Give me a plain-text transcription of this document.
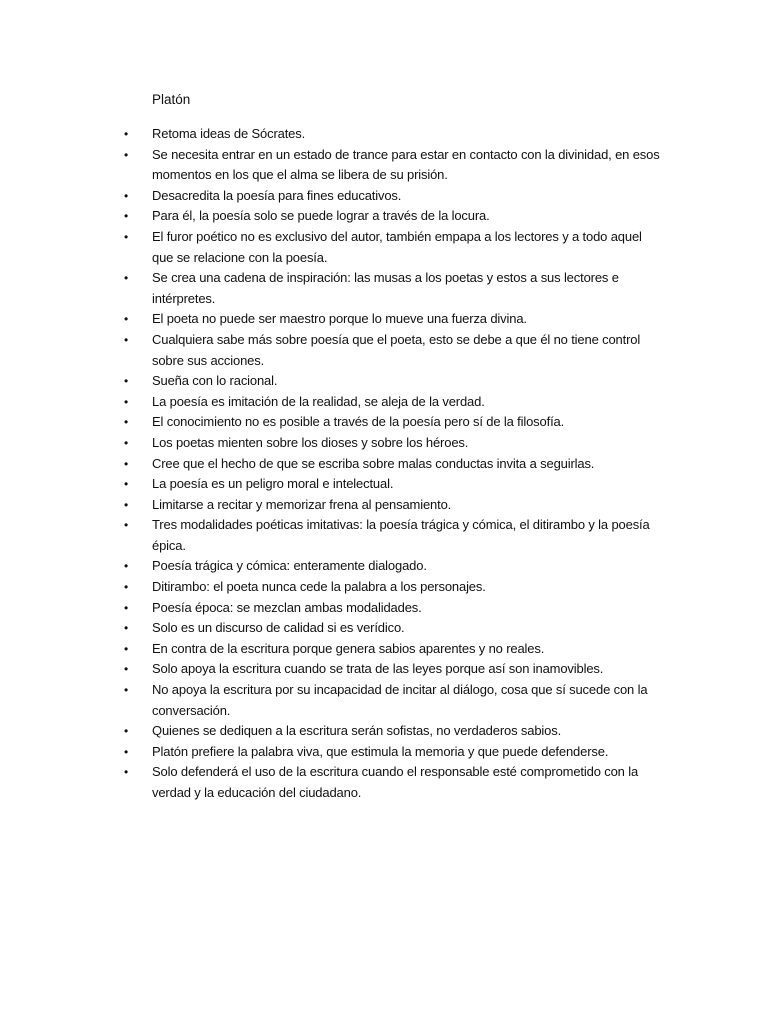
Platón
•	Retoma ideas de Sócrates.
•	Se necesita entrar en un estado de trance para estar en contacto con la divinidad, en esos momentos en los que el alma se libera de su prisión.
•	Desacredita la poesía para fines educativos.
•	Para él, la poesía solo se puede lograr a través de la locura.
•	El furor poético no es exclusivo del autor, también empapa a los lectores y a todo aquel que se relacione con la poesía.
•	Se crea una cadena de inspiración: las musas a los poetas y estos a sus lectores e intérpretes.
•	El poeta no puede ser maestro porque lo mueve una fuerza divina.
•	Cualquiera sabe más sobre poesía que el poeta, esto se debe a que él no tiene control sobre sus acciones.
•	Sueña con lo racional.
•	La poesía es imitación de la realidad, se aleja de la verdad.
•	El conocimiento no es posible a través de la poesía pero sí de la filosofía.
•	Los poetas mienten sobre los dioses y sobre los héroes.
•	Cree que el hecho de que se escriba sobre malas conductas invita a seguirlas.
•	La poesía es un peligro moral e intelectual.
•	Limitarse a recitar y memorizar frena al pensamiento.
•	Tres modalidades poéticas imitativas: la poesía trágica y cómica, el ditirambo y la poesía épica.
•	Poesía trágica y cómica: enteramente dialogado.
•	Ditirambo: el poeta nunca cede la palabra a los personajes.
•	Poesía época: se mezclan ambas modalidades.
•	Solo es un discurso de calidad si es verídico.
•	En contra de la escritura porque genera sabios aparentes y no reales.
•	Solo apoya la escritura cuando se trata de las leyes porque así son inamovibles.
•	No apoya la escritura por su incapacidad de incitar al diálogo, cosa que sí sucede con la conversación.
•	Quienes se dediquen a la escritura serán sofistas, no verdaderos sabios.
•	Platón prefiere la palabra viva, que estimula la memoria y que puede defenderse.
•	Solo defenderá el uso de la escritura cuando el responsable esté comprometido con la verdad y la educación del ciudadano.
